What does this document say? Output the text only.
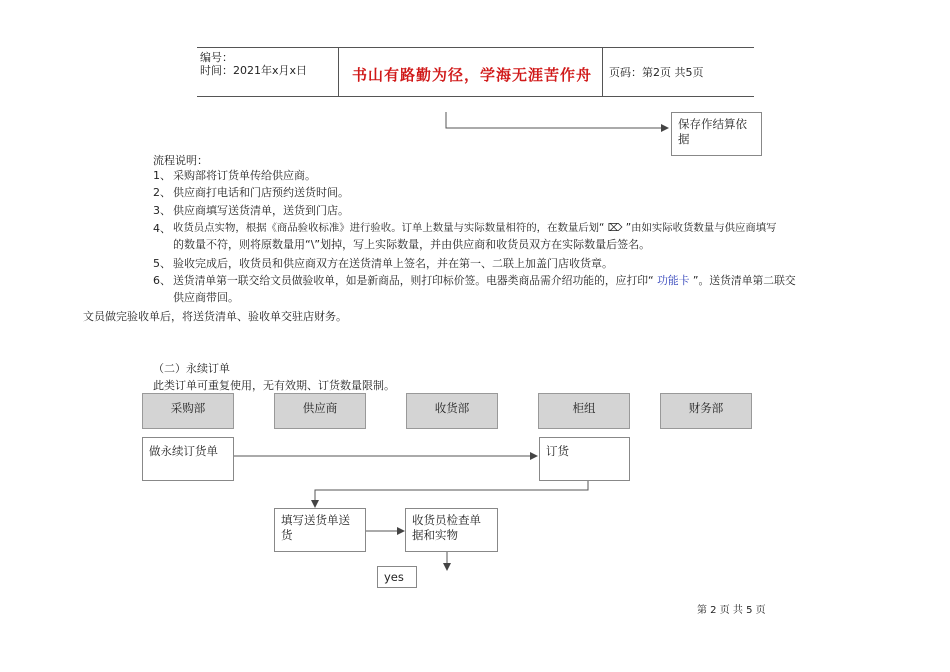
编号：
时间：2021年x月x日	书山有路勤为径，学海无涯苦作舟 页码：第2页 共5页
保存作结算依据
流程说明：
1、 采购部将订货单传给供应商。
2、 供应商打电话和门店预约送货时间。
3、 供应商填写送货清单，送货到门店。
4、 收货员点实物，根据《商品验收标准》进行验收。订单上数量与实际数量相符的，在数量后划“ ⌦ ”由如实际收货数量与供应商填写
的数量不符，则将原数量用“\”划掉，写上实际数量，并由供应商和收货员双方在实际数量后签名。
5、 验收完成后，收货员和供应商双方在送货清单上签名，并在第一、二联上加盖门店收货章。
6、 送货清单第一联交给文员做验收单，如是新商品，则打印标价签。电器类商品需介绍功能的，应打印“ 功能卡 ”。送货清单第二联交
供应商带回。
文员做完验收单后，将送货清单、验收单交驻店财务。
（二）永续订单
此类订单可重复使用，无有效期、订货数量限制。
采购部	供应商	收货部	柜组	财务部
做永续订货单	订货
填写送货单送货
收货员检查单据和实物
yes
第 2 页 共 5 页
